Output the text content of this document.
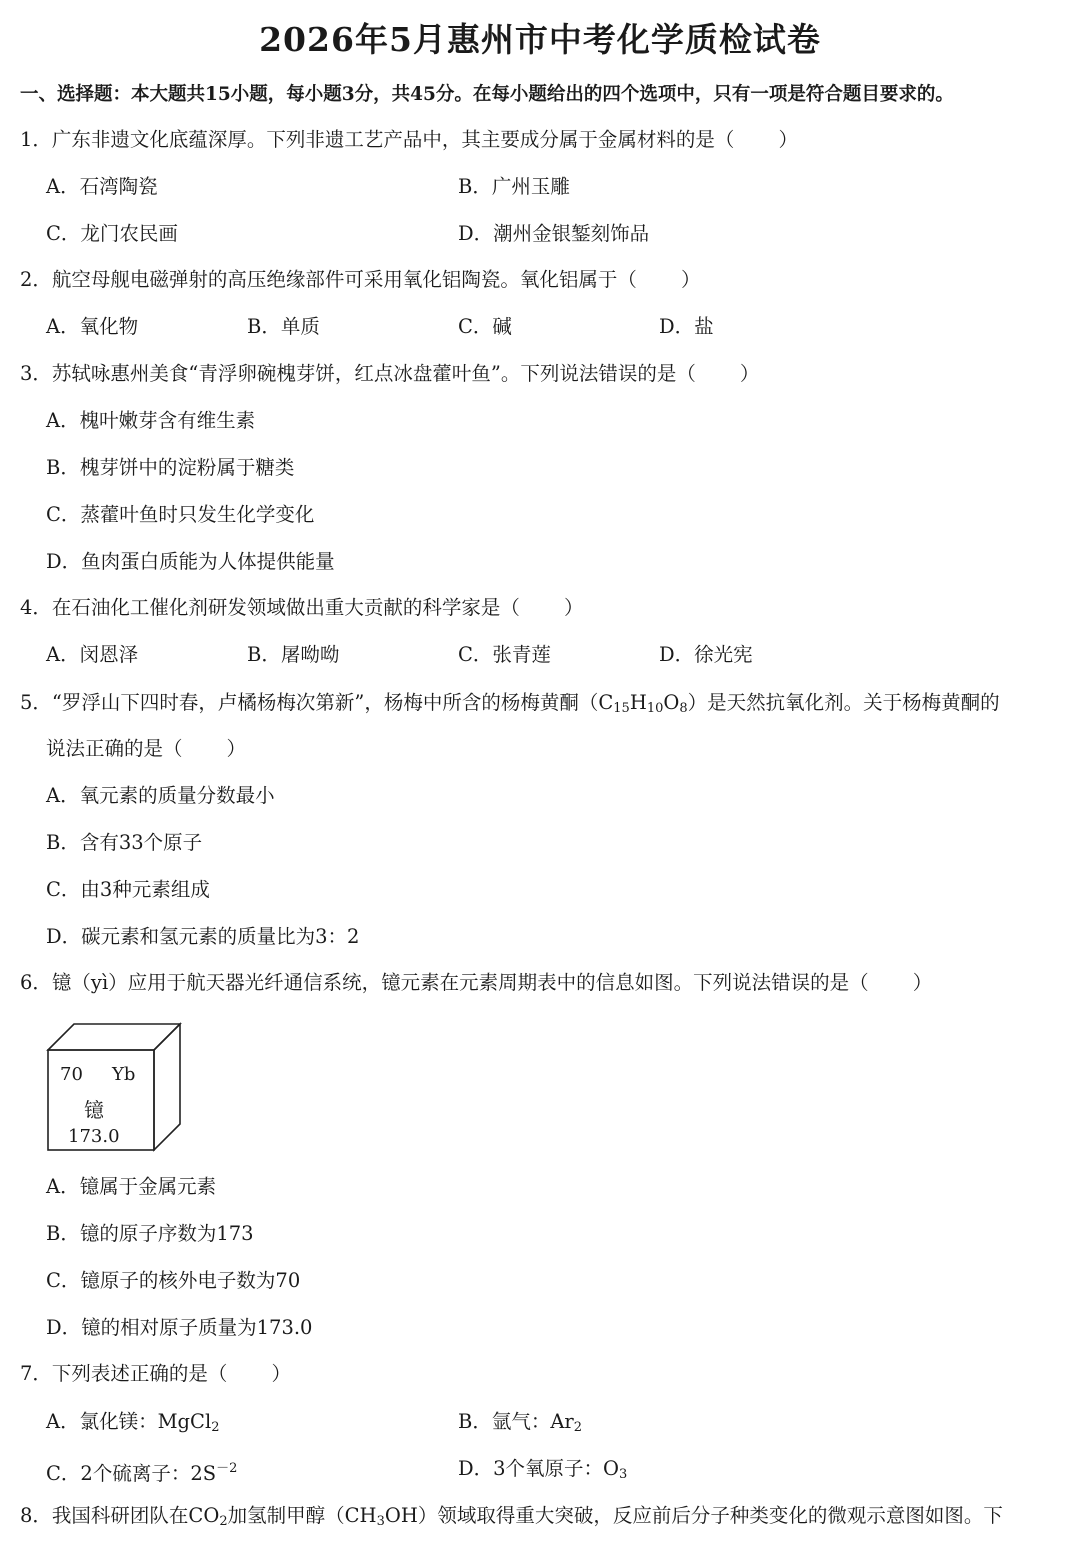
2026年5月惠州市中考化学质检试卷
一、选择题：本大题共15小题，每小题3分，共45分。在每小题给出的四个选项中，只有一项是符合题目要求的。
1．广东非遗文化底蕴深厚。下列非遗工艺产品中，其主要成分属于金属材料的是（ ）
A．石湾陶瓷	B．广州玉雕
C．龙门农民画	D．潮州金银錾刻饰品
2．航空母舰电磁弹射的高压绝缘部件可采用氧化铝陶瓷。氧化铝属于（ ）
A．氧化物	B．单质	C．碱	D．盐
3．苏轼咏惠州美食“青浮卵碗槐芽饼，红点冰盘藿叶鱼”。下列说法错误的是（ ）
A．槐叶嫩芽含有维生素
B．槐芽饼中的淀粉属于糖类
C．蒸藿叶鱼时只发生化学变化
D．鱼肉蛋白质能为人体提供能量
4．在石油化工催化剂研发领域做出重大贡献的科学家是（ ）
A．闵恩泽	B．屠呦呦	C．张青莲	D．徐光宪
5．“罗浮山下四时春，卢橘杨梅次第新”，杨梅中所含的杨梅黄酮$(C_{15}H_{10}O_8)$是天然抗氧化剂。关于杨梅黄酮的
说法正确的是（ ）
A．氧元素的质量分数最小
B．含有33个原子
C．由3种元素组成
D．碳元素和氢元素的质量比为3：2
6．镱（yì）应用于航天器光纤通信系统，镱元素在元素周期表中的信息如图。下列说法错误的是（ ）
70 Yb
镱
173.0
A．镱属于金属元素
B．镱的原子序数为173
C．镱原子的核外电子数为70
D．镱的相对原子质量为173.0
7．下列表述正确的是（ ）
A．氯化镁：MgCl$_2$	B．氩气：$Ar_2$
C．2个硫离子：$2S^{-2}$	D．3个氧原子：$O_3$
8．我国科研团队在$CO_2$加氢制甲醇$(CH_3OH)$领域取得重大突破，反应前后分子种类变化的微观示意图如图。下
